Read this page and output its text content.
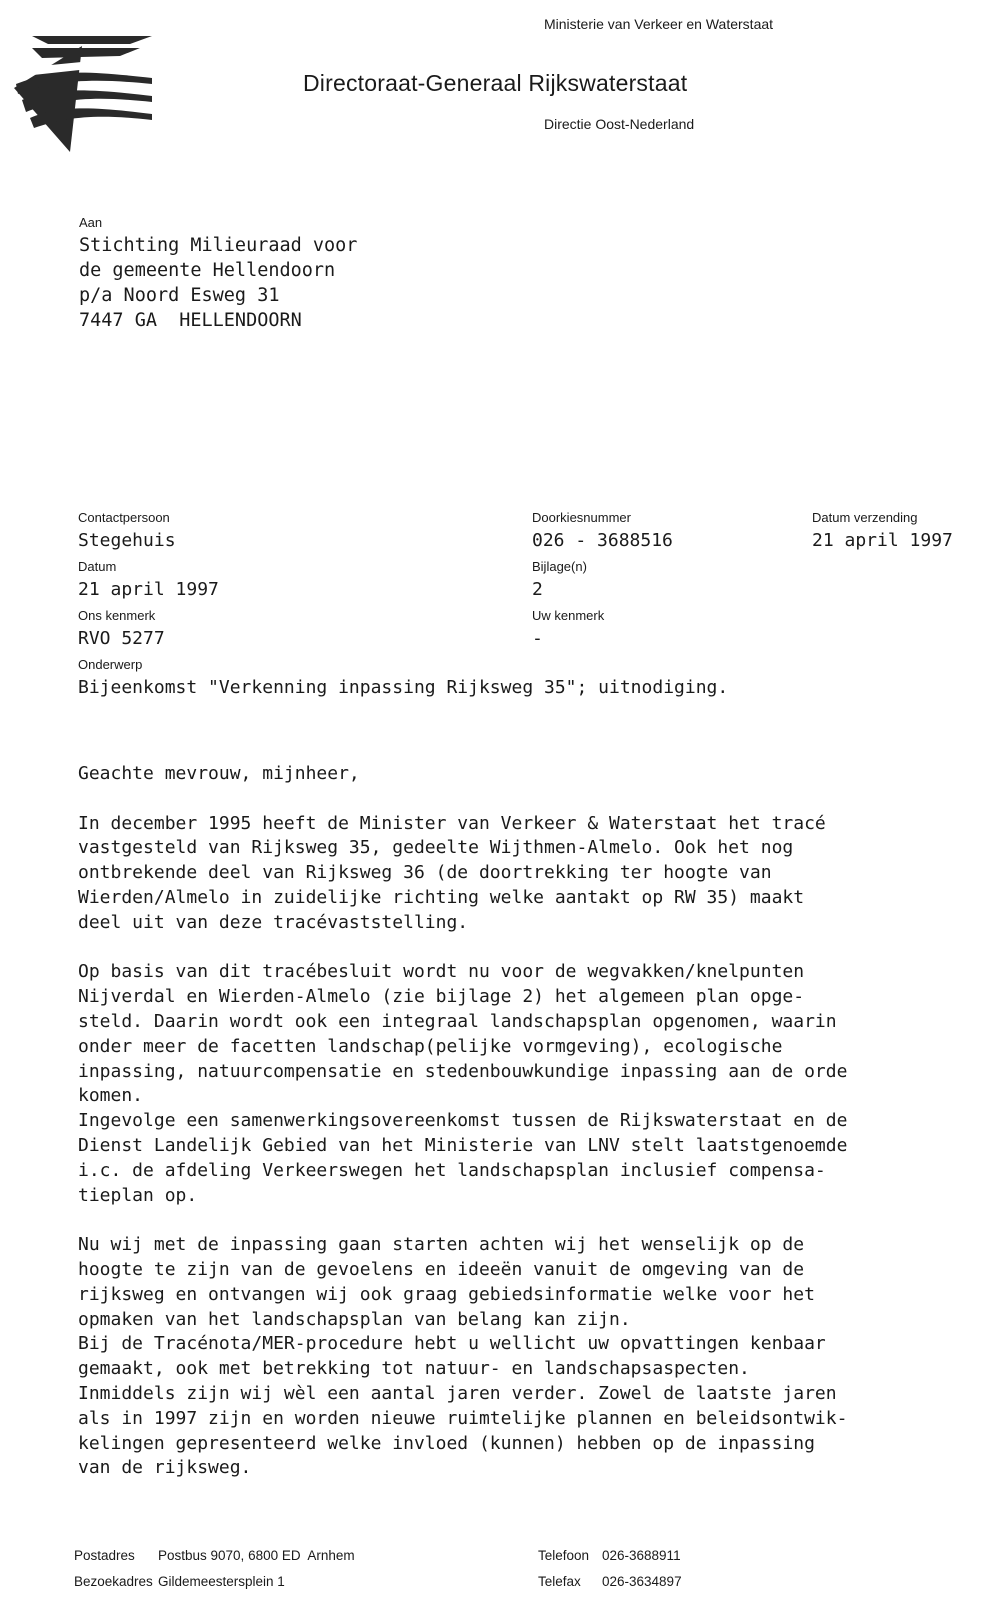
Ministerie van Verkeer en Waterstaat
Directoraat-Generaal Rijkswaterstaat
Directie Oost-Nederland
Aan
Stichting Milieuraad voor
de gemeente Hellendoorn
p/a Noord Esweg 31
7447 GA  HELLENDOORN
Contactpersoon
Stegehuis
Datum
21 april 1997
Ons kenmerk
RVO 5277
Onderwerp
Bijeenkomst "Verkenning inpassing Rijksweg 35"; uitnodiging.
Doorkiesnummer
026 - 3688516
Bijlage(n)
2
Uw kenmerk
-
Datum verzending
21 april 1997

Geachte mevrouw, mijnheer,

In december 1995 heeft de Minister van Verkeer & Waterstaat het tracé
vastgesteld van Rijksweg 35, gedeelte Wijthmen-Almelo. Ook het nog
ontbrekende deel van Rijksweg 36 (de doortrekking ter hoogte van
Wierden/Almelo in zuidelijke richting welke aantakt op RW 35) maakt
deel uit van deze tracévaststelling.

Op basis van dit tracébesluit wordt nu voor de wegvakken/knelpunten
Nijverdal en Wierden-Almelo (zie bijlage 2) het algemeen plan opge-
steld. Daarin wordt ook een integraal landschapsplan opgenomen, waarin
onder meer de facetten landschap(pelijke vormgeving), ecologische
inpassing, natuurcompensatie en stedenbouwkundige inpassing aan de orde
komen.

Ingevolge een samenwerkingsovereenkomst tussen de Rijkswaterstaat en de
Dienst Landelijk Gebied van het Ministerie van LNV stelt laatstgenoemde
i.c. de afdeling Verkeerswegen het landschapsplan inclusief compensa-
tieplan op.

Nu wij met de inpassing gaan starten achten wij het wenselijk op de
hoogte te zijn van de gevoelens en ideeën vanuit de omgeving van de
rijksweg en ontvangen wij ook graag gebiedsinformatie welke voor het
opmaken van het landschapsplan van belang kan zijn.

Bij de Tracénota/MER-procedure hebt u wellicht uw opvattingen kenbaar
gemaakt, ook met betrekking tot natuur- en landschapsaspecten.

Inmiddels zijn wij wèl een aantal jaren verder. Zowel de laatste jaren
als in 1997 zijn en worden nieuwe ruimtelijke plannen en beleidsontwik-
kelingen gepresenteerd welke invloed (kunnen) hebben op de inpassing
van de rijksweg.

Postadres Postbus 9070, 6800 ED  Arnhem
Bezoekadres Gildemeestersplein 1
Telefoon 026-3688911
Telefax 026-3634897
